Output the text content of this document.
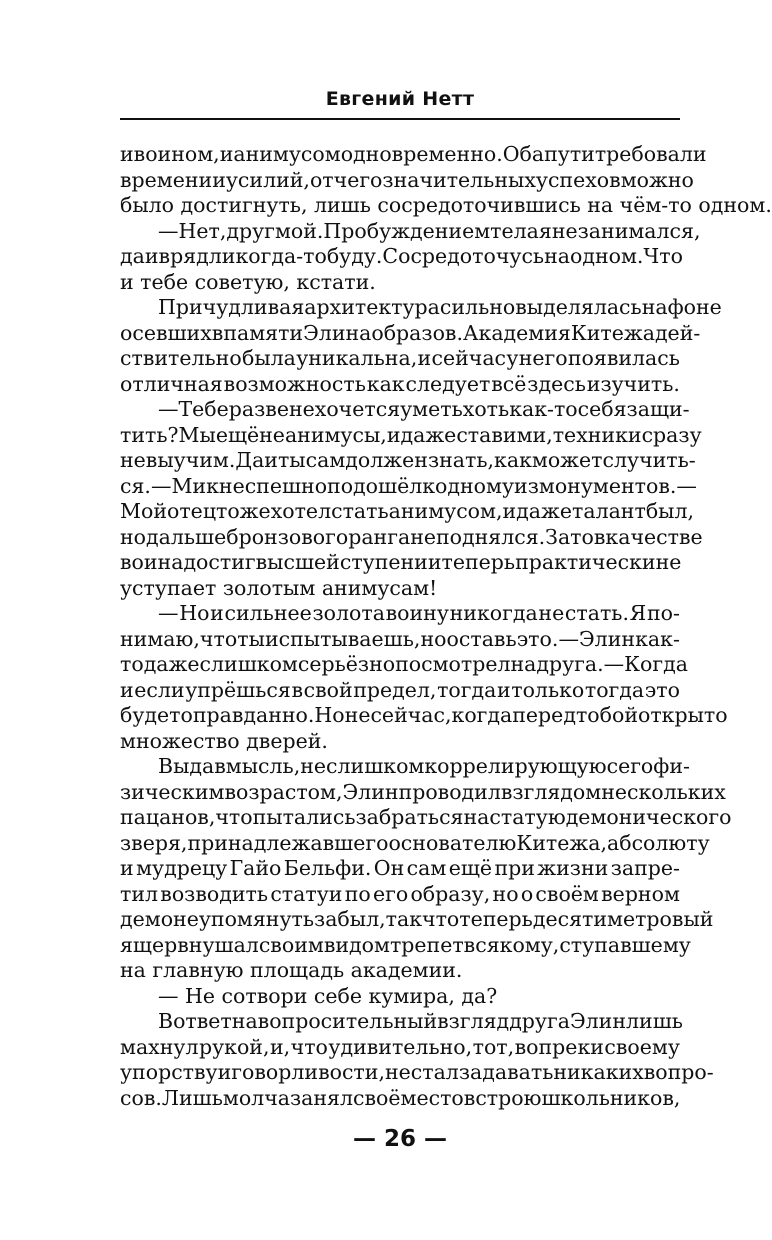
Евгений Нетт
и воином, и анимусом одновременно. Оба пути требовали
времени и усилий, отчего значительных успехов можно
было достигнуть, лишь сосредоточившись на чём-то одном.
— Нет, друг мой. Пробуждением тела я не занимался,
да и вряд ли когда-то буду. Сосредоточусь на одном. Что
и тебе советую, кстати.
Причудливая архитектура сильно выделялась на фоне
осевших в памяти Элина образов. Академия Китежа дей-
ствительно была уникальна, и сейчас у него появилась
отличная возможность как следует всё здесь изучить.
— Тебе разве не хочется уметь хоть как-то себя защи-
тить? Мы ещё не анимусы, и даже став ими, техники сразу
не выучим. Да и ты сам должен знать, как может случить-
ся. — Мик неспешно подошёл к одному из монументов. —
Мой отец тоже хотел стать анимусом, и даже талант был,
но дальше бронзового ранга не поднялся. Зато в качестве
воина достиг высшей ступени и теперь практически не
уступает золотым анимусам!
— Но и сильнее золота воину никогда не стать. Я по-
нимаю, что ты испытываешь, но оставь это. — Элин как-
то даже слишком серьёзно посмотрел на друга. — Когда
и если упрёшься в свой предел, тогда и только тогда это
будет оправданно. Но не сейчас, когда перед тобой открыто
множество дверей.
Выдав мысль, не слишком коррелирующую с его фи-
зическим возрастом, Элин проводил взглядом нескольких
пацанов, что пытались забраться на статую демонического
зверя, принадлежавшего основателю Китежа, абсолюту
и мудрецу Гайо Бельфи. Он сам ещё при жизни запре-
тил возводить статуи по его образу, но о своём верном
демоне упомянуть забыл, так что теперь десятиметровый
ящер внушал своим видом трепет всякому, ступавшему
на главную площадь академии.
— Не сотвори себе кумира, да?
В ответ на вопросительный взгляд друга Элин лишь
махнул рукой, и, что удивительно, тот, вопреки своему
упорству и говорливости, не стал задавать никаких вопро-
сов. Лишь молча занял своё место в строю школьников,
— 26 —
